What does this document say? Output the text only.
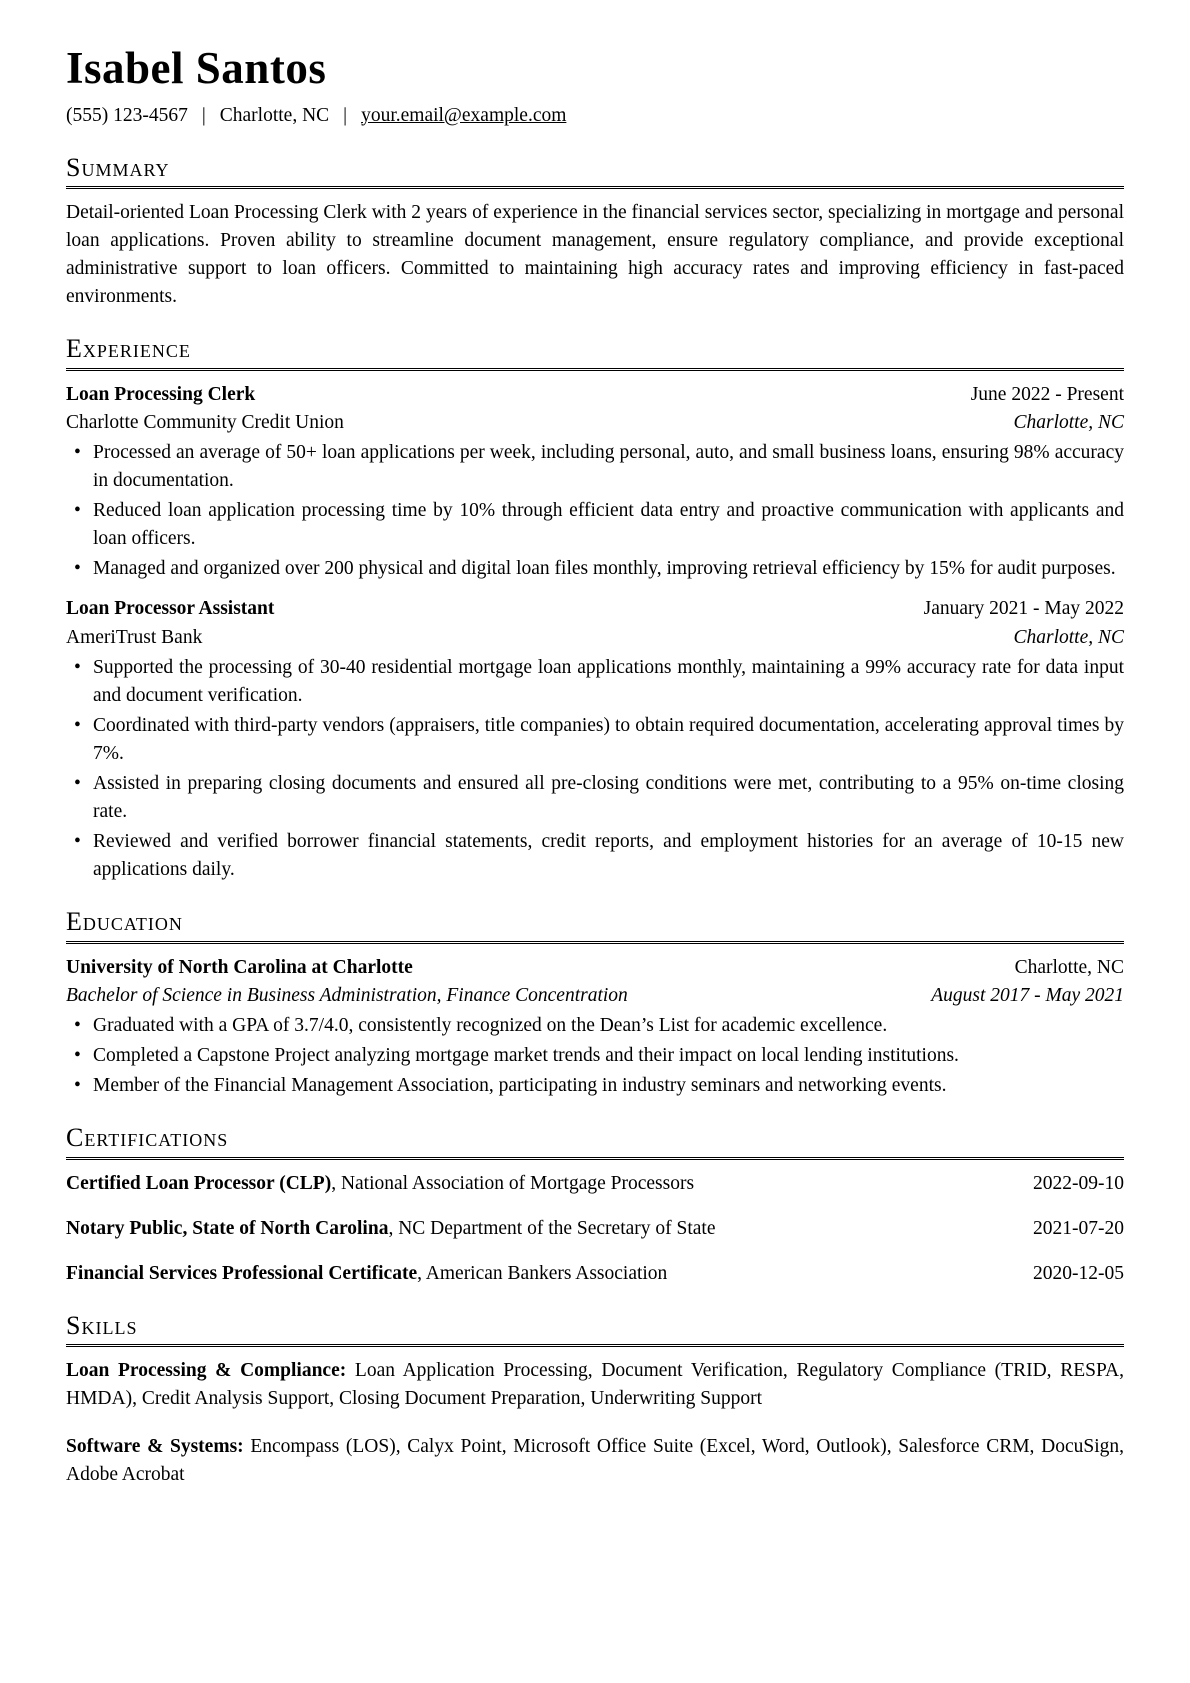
Isabel Santos
(555) 123-4567 | Charlotte, NC | your.email@example.com
Summary

Detail-oriented Loan Processing Clerk with 2 years of experience in the financial services sector, specializing in mortgage and personal loan applications. Proven ability to streamline document management, ensure regulatory compliance, and provide exceptional administrative support to loan officers. Committed to maintaining high accuracy rates and improving efficiency in fast-paced environments.

Experience
Loan Processing Clerk	June 2022 - Present
Charlotte Community Credit Union	Charlotte, NC
• Processed an average of 50+ loan applications per week, including personal, auto, and small business loans, ensuring 98% accuracy in documentation.
• Reduced loan application processing time by 10% through efficient data entry and proactive communication with applicants and loan officers.
• Managed and organized over 200 physical and digital loan files monthly, improving retrieval efficiency by 15% for audit purposes.
Loan Processor Assistant	January 2021 - May 2022
AmeriTrust Bank	Charlotte, NC
• Supported the processing of 30-40 residential mortgage loan applications monthly, maintaining a 99% accuracy rate for data input and document verification.
• Coordinated with third-party vendors (appraisers, title companies) to obtain required documentation, accelerating approval times by 7%.
• Assisted in preparing closing documents and ensured all pre-closing conditions were met, contributing to a 95% on-time closing rate.
• Reviewed and verified borrower financial statements, credit reports, and employment histories for an average of 10-15 new applications daily.
Education
University of North Carolina at Charlotte	Charlotte, NC
Bachelor of Science in Business Administration, Finance Concentration	August 2017 - May 2021
• Graduated with a GPA of 3.7/4.0, consistently recognized on the Dean’s List for academic excellence.
• Completed a Capstone Project analyzing mortgage market trends and their impact on local lending institutions.
• Member of the Financial Management Association, participating in industry seminars and networking events.
Certifications
Certified Loan Processor (CLP), National Association of Mortgage Processors	2022-09-10
Notary Public, State of North Carolina, NC Department of the Secretary of State	2021-07-20
Financial Services Professional Certificate, American Bankers Association	2020-12-05
Skills

Loan Processing & Compliance: Loan Application Processing, Document Verification, Regulatory Compliance (TRID, RESPA, HMDA), Credit Analysis Support, Closing Document Preparation, Underwriting Support

Software & Systems: Encompass (LOS), Calyx Point, Microsoft Office Suite (Excel, Word, Outlook), Salesforce CRM, DocuSign, Adobe Acrobat
